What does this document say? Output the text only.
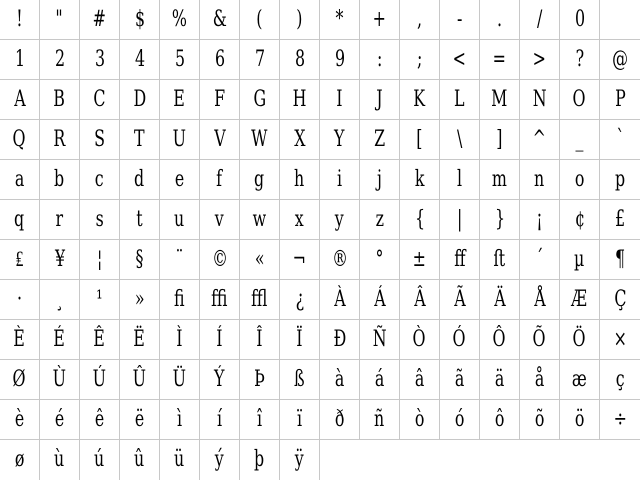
! " # $ % & ( ) * + , - . / 0
1 2 3 4 5 6 7 8 9 : ; < = > ? @
A B C D E F G H I J K L M N O P
Q R S T U V W X Y Z [ \ ] ^ _ `
a b c d e f g h i j k l m n o p
q r s t u v w x y z { | } ¡ ¢ £
₤ ¥ ¦ § ¨ © « ¬ ® ° ± ﬀ ﬅ ´ µ ¶
· ¸ ¹ » ﬁ ﬃ ﬄ ¿ À Á Â Ã Ä Å Æ Ç
È É Ê Ë Ì Í Î Ï Ð Ñ Ò Ó Ô Õ Ö ×
Ø Ù Ú Û Ü Ý Þ ß à á â ã ä å æ ç
è é ê ë ì í î ï ð ñ ò ó ô õ ö ÷
ø ù ú û ü ý þ ÿ
